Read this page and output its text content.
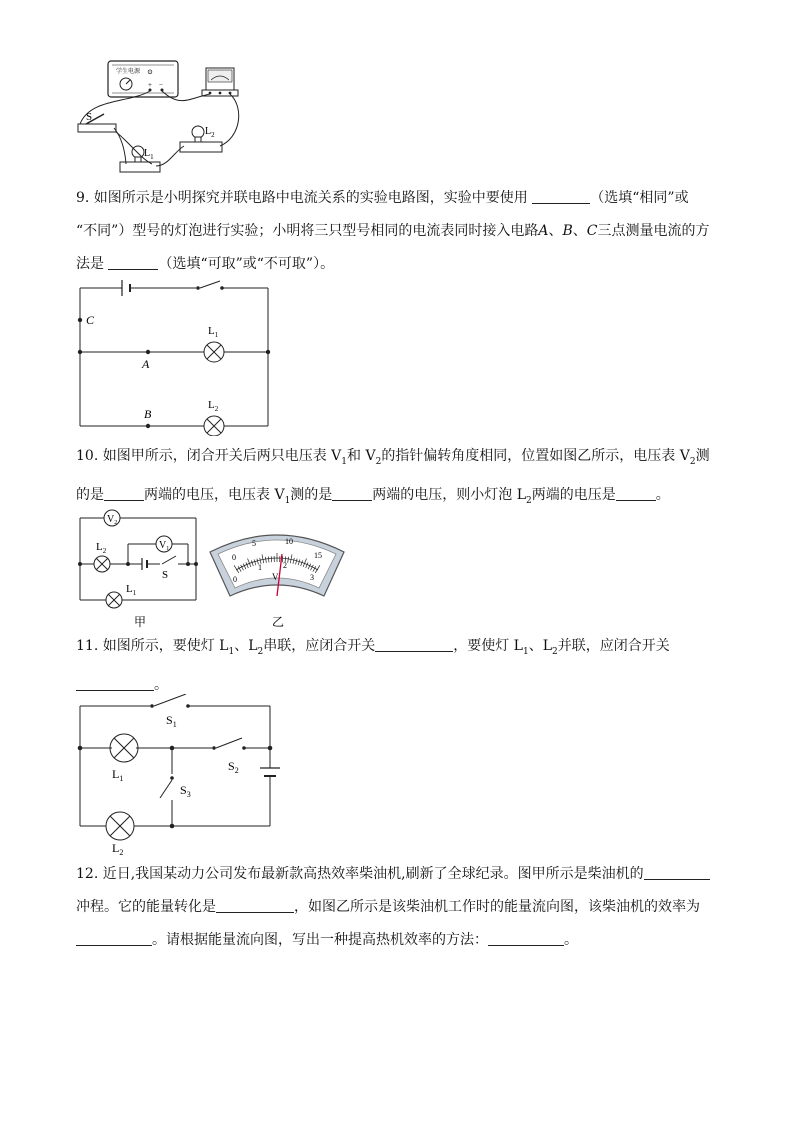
学生电源 ⊙
+ −
S
$L_1$
$L_2$
9. 如图所示是小明探究并联电路中电流关系的实验电路图，实验中要使用	（选填“相同”或
“不同”）型号的灯泡进行实验；小明将三只型号相同的电流表同时接入电路A、B、C三点测量电流的方
法是	（选填“可取”或“不可取”）。
C
A
B
$L_1$
$L_2$
10. 如图甲所示，闭合开关后两只电压表 $V_1$和 $V_2$的指针偏转角度相同，位置如图乙所示，电压表 $V_2$测
的是	两端的电压，电压表 $V_1$测的是	两端的电压，则小灯泡 $L_2$两端的电压是	。
$V_2$
$V_1$
$L_2$
$L_1$
S
甲
0
5	10
15
0
1	2
3
V
乙
11. 如图所示，要使灯 $L_1$、$L_2$串联，应闭合开关	，要使灯 $L_1$、$L_2$并联，应闭合开关
。
$S_1$
$S_2$
$S_3$
$L_1$
$L_2$
12. 近日,我国某动力公司发布最新款高热效率柴油机,刷新了全球纪录。图甲所示是柴油机的
冲程。它的能量转化是	，如图乙所示是该柴油机工作时的能量流向图，该柴油机的效率为
。请根据能量流向图，写出一种提高热机效率的方法：	。
